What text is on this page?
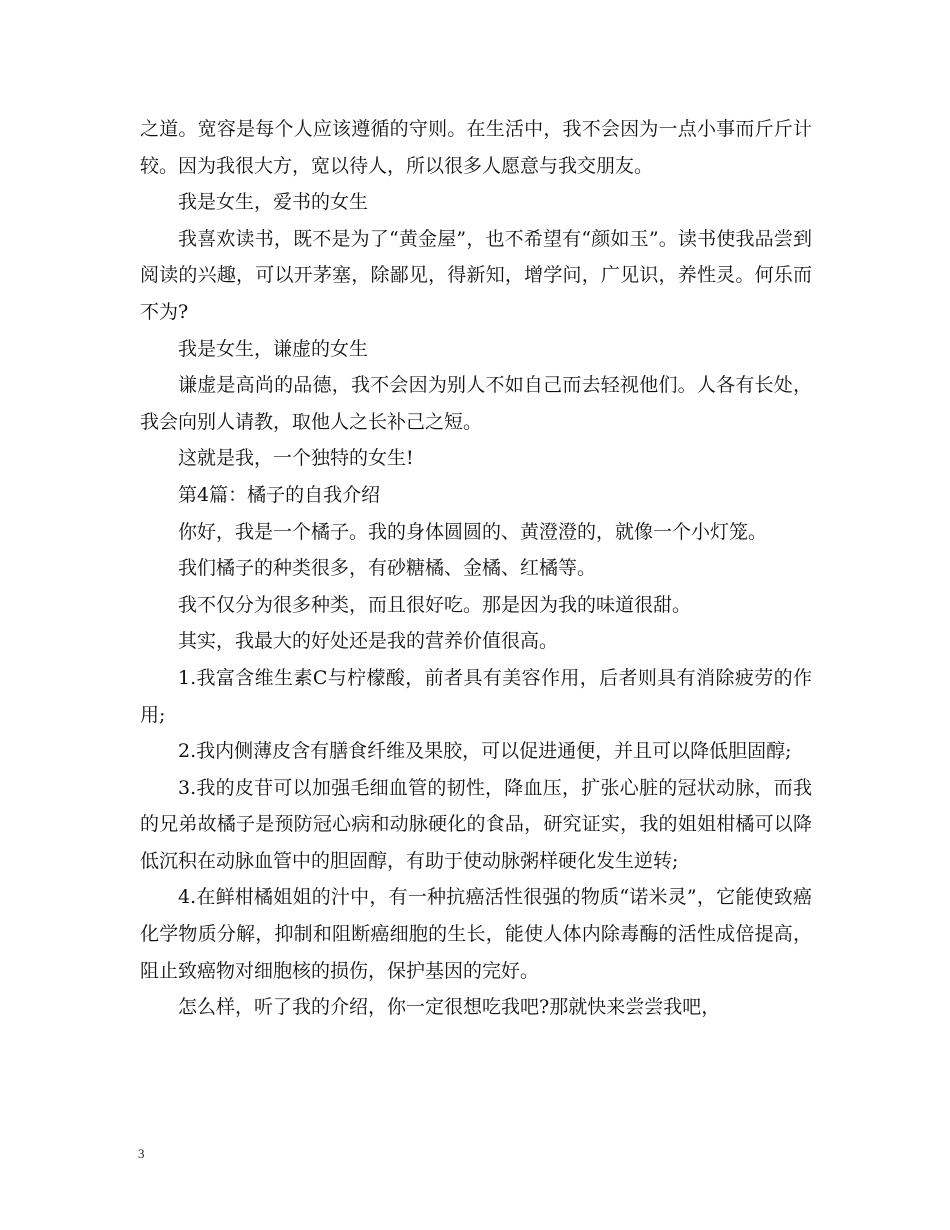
之道。宽容是每个人应该遵循的守则。在生活中，我不会因为一点小事而斤斤计较。因为我很大方，宽以待人，所以很多人愿意与我交朋友。

我是女生，爱书的女生

我喜欢读书，既不是为了“黄金屋”，也不希望有“颜如玉”。读书使我品尝到阅读的兴趣，可以开茅塞，除鄙见，得新知，增学问，广见识，养性灵。何乐而不为?

我是女生，谦虚的女生

谦虚是高尚的品德，我不会因为别人不如自己而去轻视他们。人各有长处，我会向别人请教，取他人之长补己之短。

这就是我，一个独特的女生!

第4篇：橘子的自我介绍

你好，我是一个橘子。我的身体圆圆的、黄澄澄的，就像一个小灯笼。

我们橘子的种类很多，有砂糖橘、金橘、红橘等。

我不仅分为很多种类，而且很好吃。那是因为我的味道很甜。

其实，我最大的好处还是我的营养价值很高。

1.我富含维生素C与柠檬酸，前者具有美容作用，后者则具有消除疲劳的作用;

2.我内侧薄皮含有膳食纤维及果胶，可以促进通便，并且可以降低胆固醇;

3.我的皮苷可以加强毛细血管的韧性，降血压，扩张心脏的冠状动脉，而我的兄弟故橘子是预防冠心病和动脉硬化的食品，研究证实，我的姐姐柑橘可以降低沉积在动脉血管中的胆固醇，有助于使动脉粥样硬化发生逆转;

4.在鲜柑橘姐姐的汁中，有一种抗癌活性很强的物质“诺米灵”，它能使致癌化学物质分解，抑制和阻断癌细胞的生长，能使人体内除毒酶的活性成倍提高，阻止致癌物对细胞核的损伤，保护基因的完好。

怎么样，听了我的介绍，你一定很想吃我吧?那就快来尝尝我吧，

3
